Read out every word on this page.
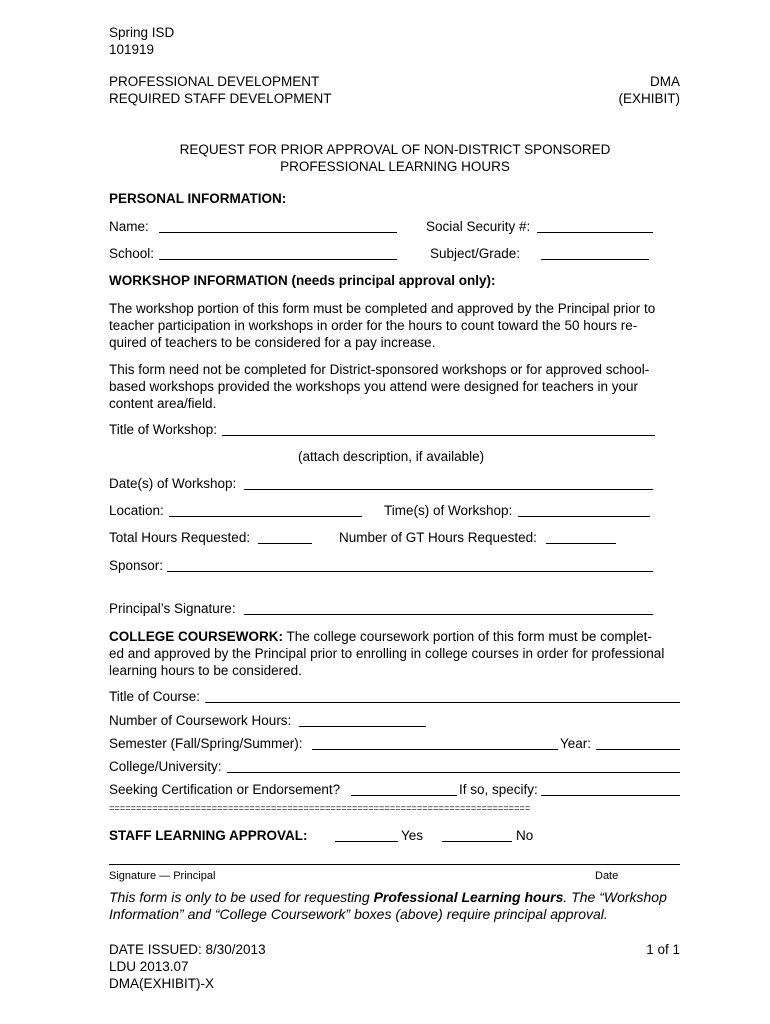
Spring ISD
101919
PROFESSIONAL DEVELOPMENT
REQUIRED STAFF DEVELOPMENT
DMA
(EXHIBIT)
REQUEST FOR PRIOR APPROVAL OF NON-DISTRICT SPONSORED
PROFESSIONAL LEARNING HOURS
PERSONAL INFORMATION:
Name:	Social Security #:
School:	Subject/Grade:
WORKSHOP INFORMATION (needs principal approval only):
The workshop portion of this form must be completed and approved by the Principal prior to
teacher participation in workshops in order for the hours to count toward the 50 hours re-
quired of teachers to be considered for a pay increase.
This form need not be completed for District-sponsored workshops or for approved school-
based workshops provided the workshops you attend were designed for teachers in your
content area/field.
Title of Workshop:
(attach description, if available)
Date(s) of Workshop:
Location:	Time(s) of Workshop:
Total Hours Requested:	Number of GT Hours Requested:
Sponsor:
Principal’s Signature:
COLLEGE COURSEWORK: The college coursework portion of this form must be complet-
ed and approved by the Principal prior to enrolling in college courses in order for professional
learning hours to be considered.
Title of Course:
Number of Coursework Hours:
Semester (Fall/Spring/Summer):	Year:
College/University:
Seeking Certification or Endorsement?	If so, specify:
==============================================================================
STAFF LEARNING APPROVAL:	Yes	No
Signature — Principal	Date
This form is only to be used for requesting Professional Learning hours. The “Workshop
Information” and “College Coursework” boxes (above) require principal approval.
DATE ISSUED: 8/30/2013
LDU 2013.07
DMA(EXHIBIT)-X
1 of 1
